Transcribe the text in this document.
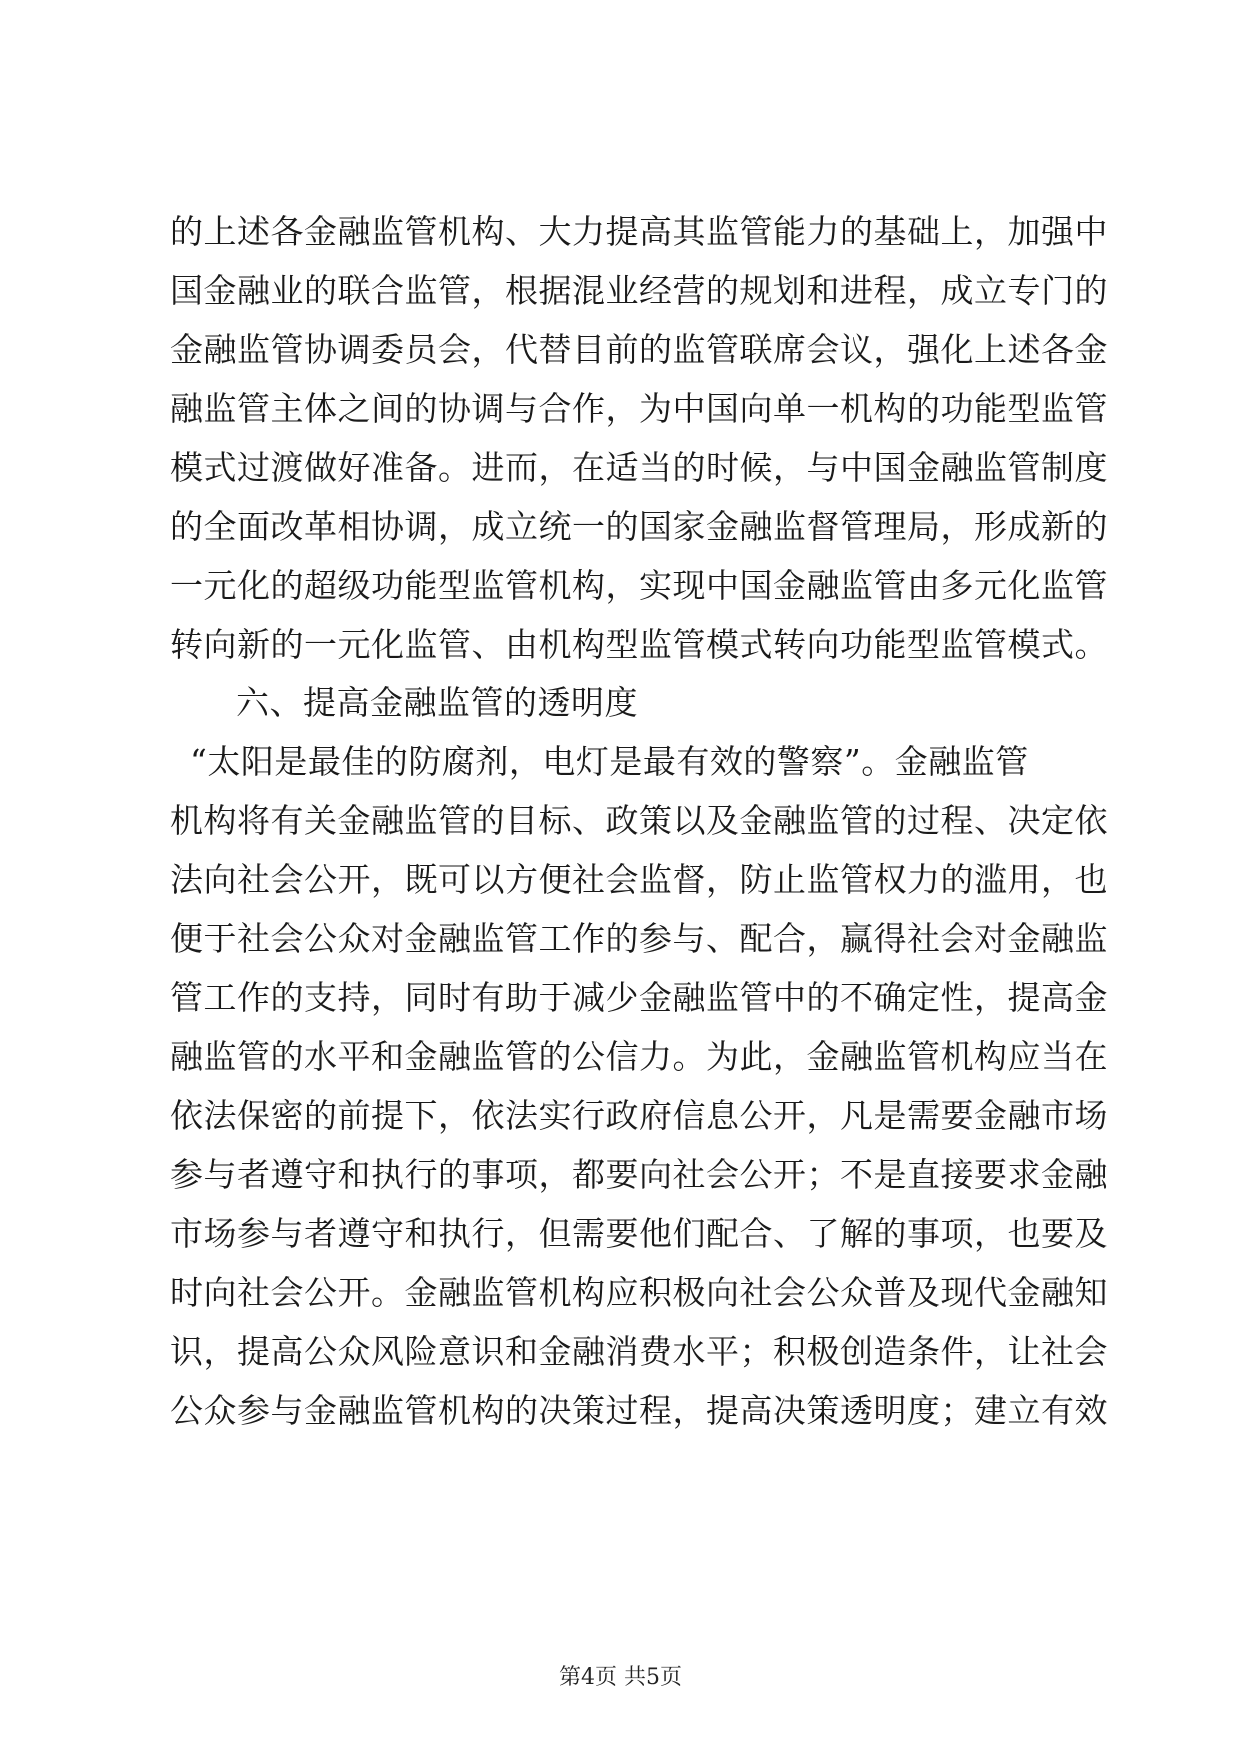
的上述各金融监管机构、大力提高其监管能力的基础上，加强中
国金融业的联合监管，根据混业经营的规划和进程，成立专门的
金融监管协调委员会，代替目前的监管联席会议，强化上述各金
融监管主体之间的协调与合作，为中国向单一机构的功能型监管
模式过渡做好准备。进而，在适当的时候，与中国金融监管制度
的全面改革相协调，成立统一的国家金融监督管理局，形成新的
一元化的超级功能型监管机构，实现中国金融监管由多元化监管
转向新的一元化监管、由机构型监管模式转向功能型监管模式。
六、提高金融监管的透明度
“太阳是最佳的防腐剂，电灯是最有效的警察”。金融监管
机构将有关金融监管的目标、政策以及金融监管的过程、决定依
法向社会公开，既可以方便社会监督，防止监管权力的滥用，也
便于社会公众对金融监管工作的参与、配合，赢得社会对金融监
管工作的支持，同时有助于减少金融监管中的不确定性，提高金
融监管的水平和金融监管的公信力。为此，金融监管机构应当在
依法保密的前提下，依法实行政府信息公开，凡是需要金融市场
参与者遵守和执行的事项，都要向社会公开；不是直接要求金融
市场参与者遵守和执行，但需要他们配合、了解的事项，也要及
时向社会公开。金融监管机构应积极向社会公众普及现代金融知
识，提高公众风险意识和金融消费水平；积极创造条件，让社会
公众参与金融监管机构的决策过程，提高决策透明度；建立有效
第4页 共5页
